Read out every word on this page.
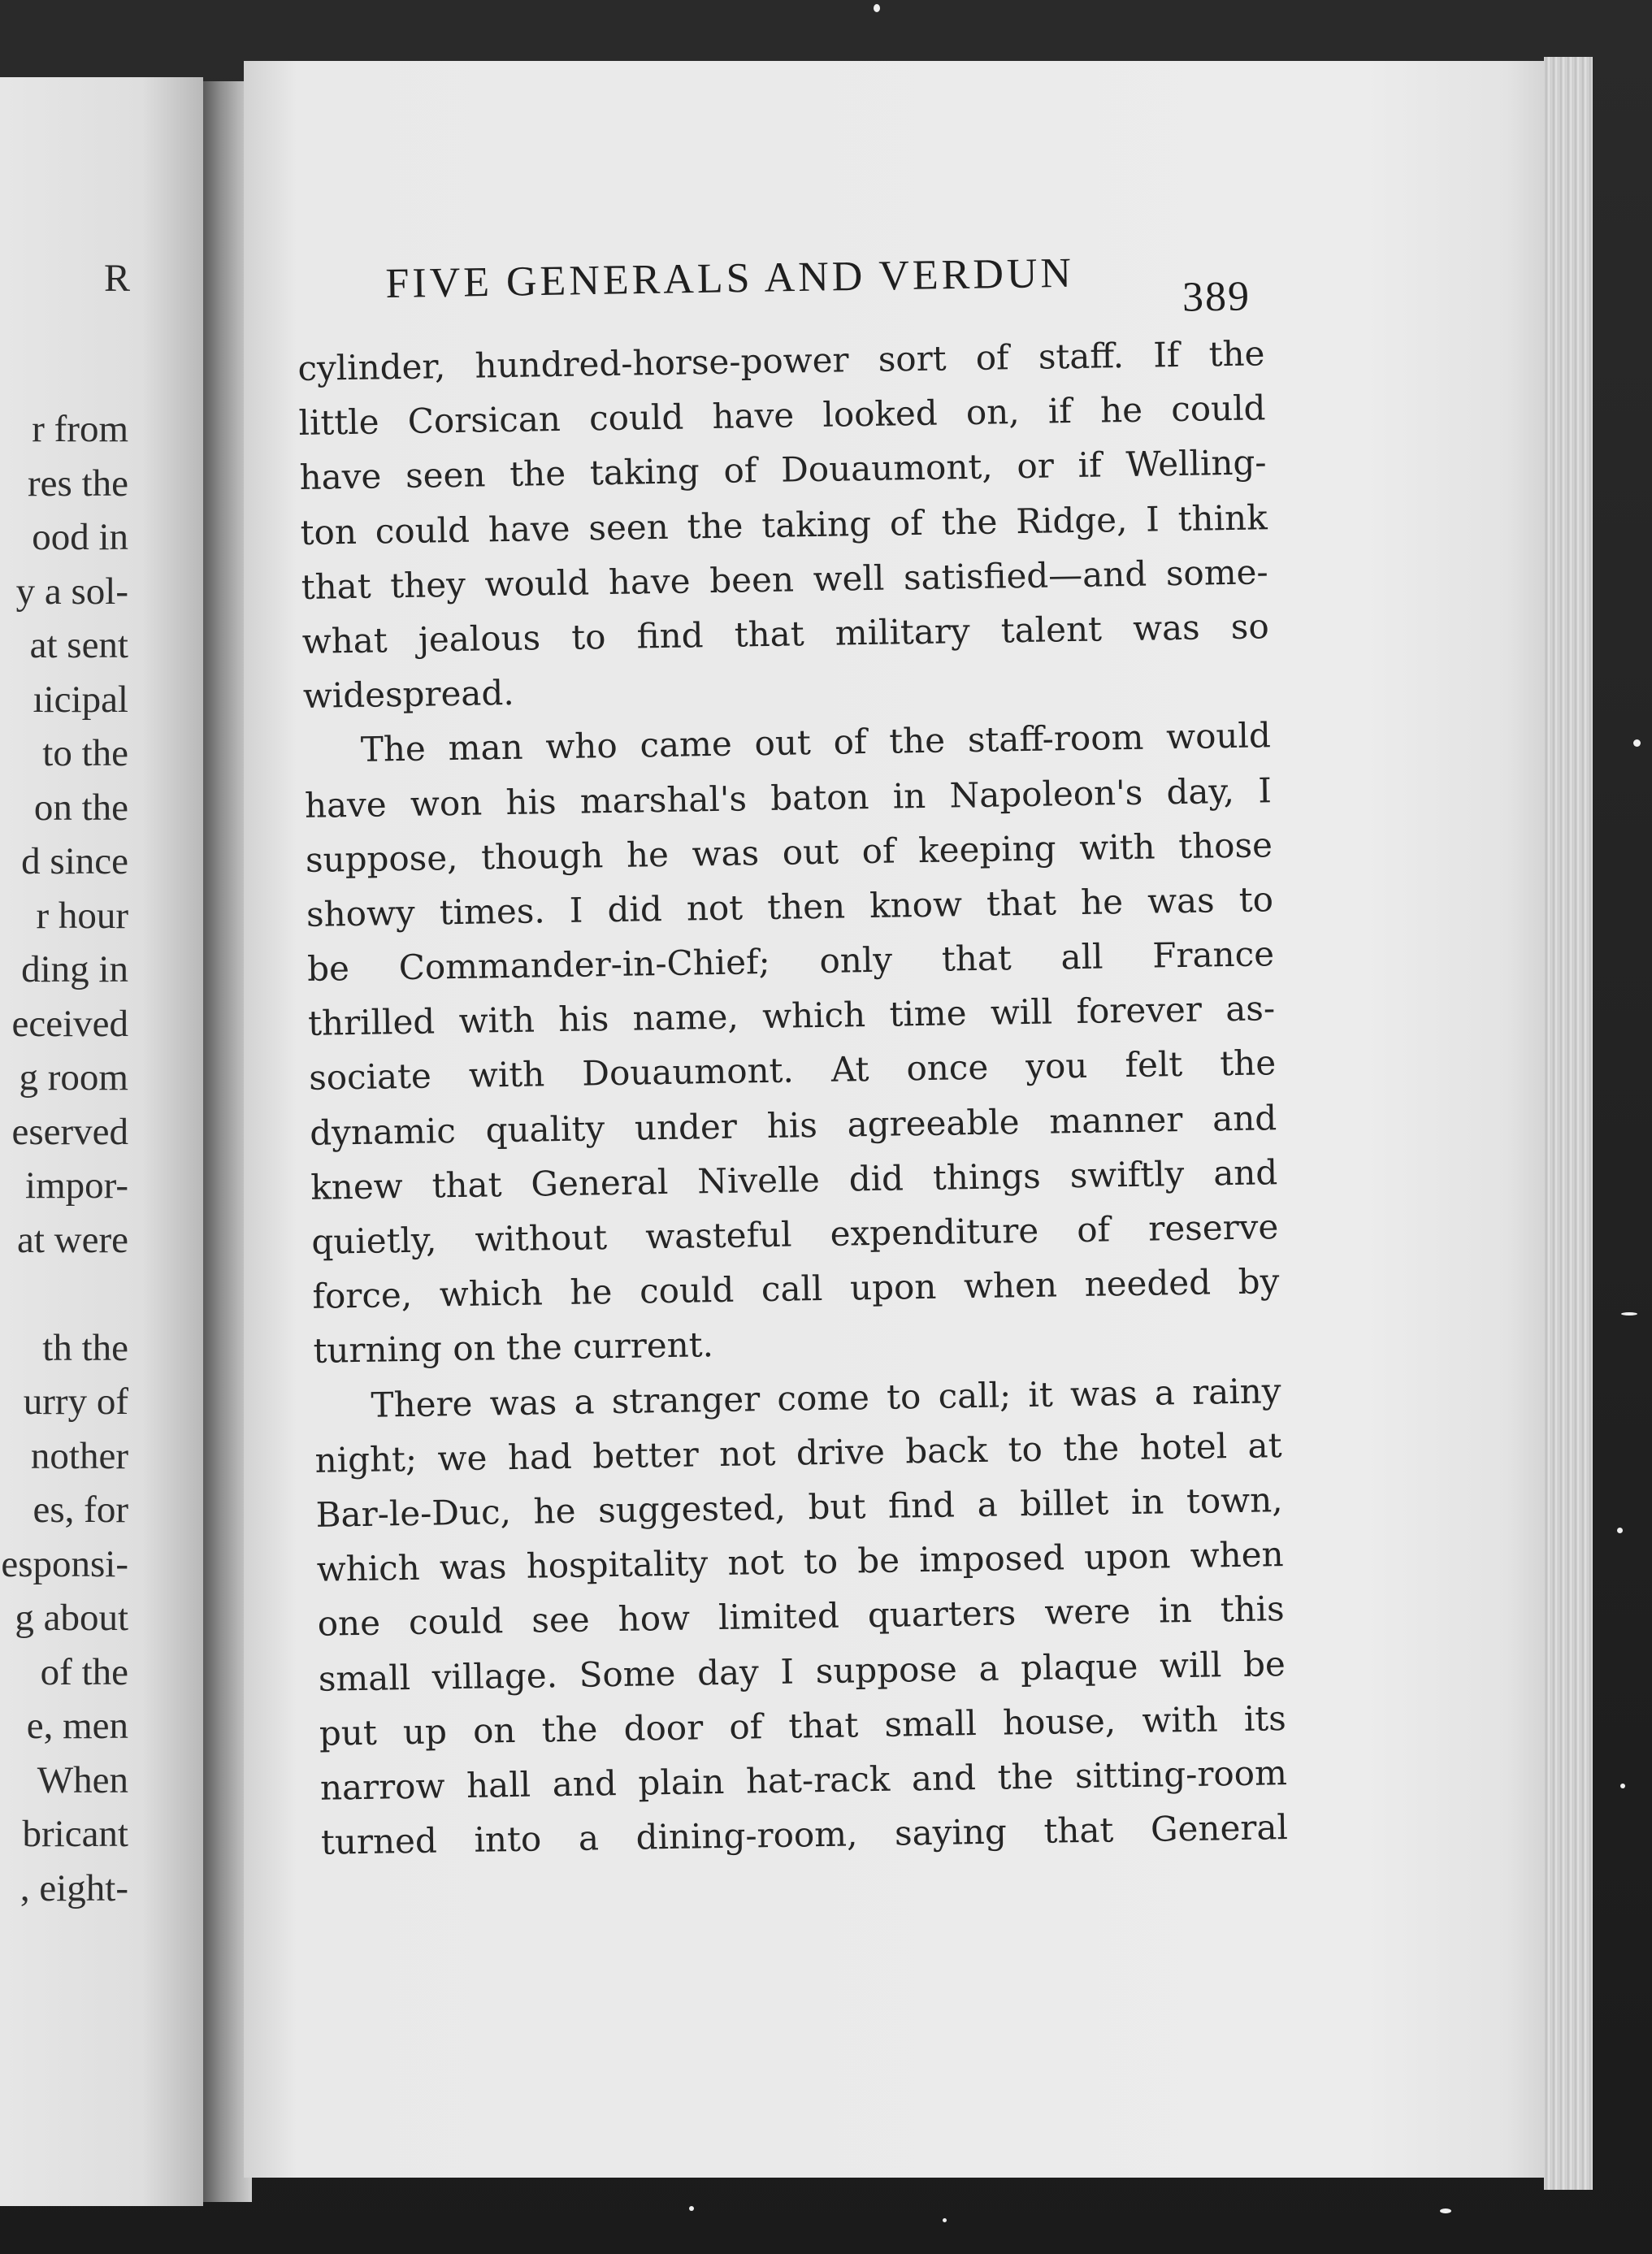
R
r from
res the
ood in
y a sol-
at sent
ıicipal
to the
on the
d since
r hour
ding in
eceived
g room
eserved
impor-
at were
th the
urry of
nother
es, for
esponsi-
g about
of the
e, men
When
bricant
, eight-
FIVE GENERALS AND VERDUN	389
cylinder, hundred-horse-power sort of staff. If the
little Corsican could have looked on, if he could
have seen the taking of Douaumont, or if Welling-
ton could have seen the taking of the Ridge, I think
that they would have been well satisfied—and some-
what jealous to find that military talent was so
widespread.
The man who came out of the staff-room would
have won his marshal's baton in Napoleon's day, I
suppose, though he was out of keeping with those
showy times. I did not then know that he was to
be Commander-in-Chief; only that all France
thrilled with his name, which time will forever as-
sociate with Douaumont. At once you felt the
dynamic quality under his agreeable manner and
knew that General Nivelle did things swiftly and
quietly, without wasteful expenditure of reserve
force, which he could call upon when needed by
turning on the current.
There was a stranger come to call; it was a rainy
night; we had better not drive back to the hotel at
Bar-le-Duc, he suggested, but find a billet in town,
which was hospitality not to be imposed upon when
one could see how limited quarters were in this
small village. Some day I suppose a plaque will be
put up on the door of that small house, with its
narrow hall and plain hat-rack and the sitting-room
turned into a dining-room, saying that General
